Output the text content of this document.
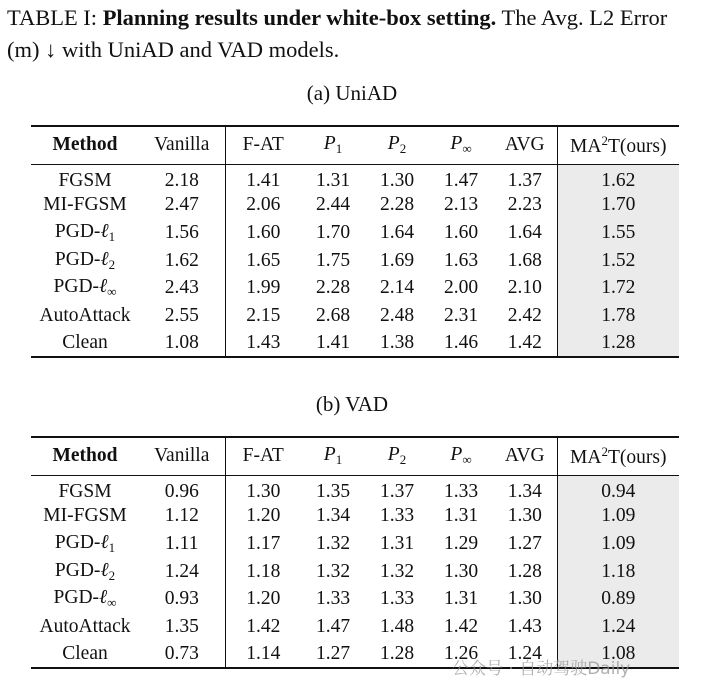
TABLE I: Planning results under white-box setting. The Avg. L2 Error (m) ↓ with UniAD and VAD models.
(a) UniAD
Method	Vanilla	F-AT	$P_1$	$P_2$	$P_\infty$	AVG	$MA^2T(ours)$
FGSM	2.18	1.41	1.31	1.30	1.47	1.37	1.62
MI-FGSM	2.47	2.06	2.44	2.28	2.13	2.23	1.70
PGD-ℓ$_1$	1.56	1.60	1.70	1.64	1.60	1.64	1.55
PGD-ℓ$_2$	1.62	1.65	1.75	1.69	1.63	1.68	1.52
PGD-ℓ$_\infty$	2.43	1.99	2.28	2.14	2.00	2.10	1.72
AutoAttack	2.55	2.15	2.68	2.48	2.31	2.42	1.78
Clean	1.08	1.43	1.41	1.38	1.46	1.42	1.28
(b) VAD
Method	Vanilla	F-AT	$P_1$	$P_2$	$P_\infty$	AVG	$MA^2T(ours)$
FGSM	0.96	1.30	1.35	1.37	1.33	1.34	0.94
MI-FGSM	1.12	1.20	1.34	1.33	1.31	1.30	1.09
PGD-ℓ$_1$	1.11	1.17	1.32	1.31	1.29	1.27	1.09
PGD-ℓ$_2$	1.24	1.18	1.32	1.32	1.30	1.28	1.18
PGD-ℓ$_\infty$	0.93	1.20	1.33	1.33	1.31	1.30	0.89
AutoAttack	1.35	1.42	1.47	1.48	1.42	1.43	1.24
Clean	0.73	1.14	1.27	1.28	1.26	1.24	1.08
公众号 · 自动驾驶Daily
